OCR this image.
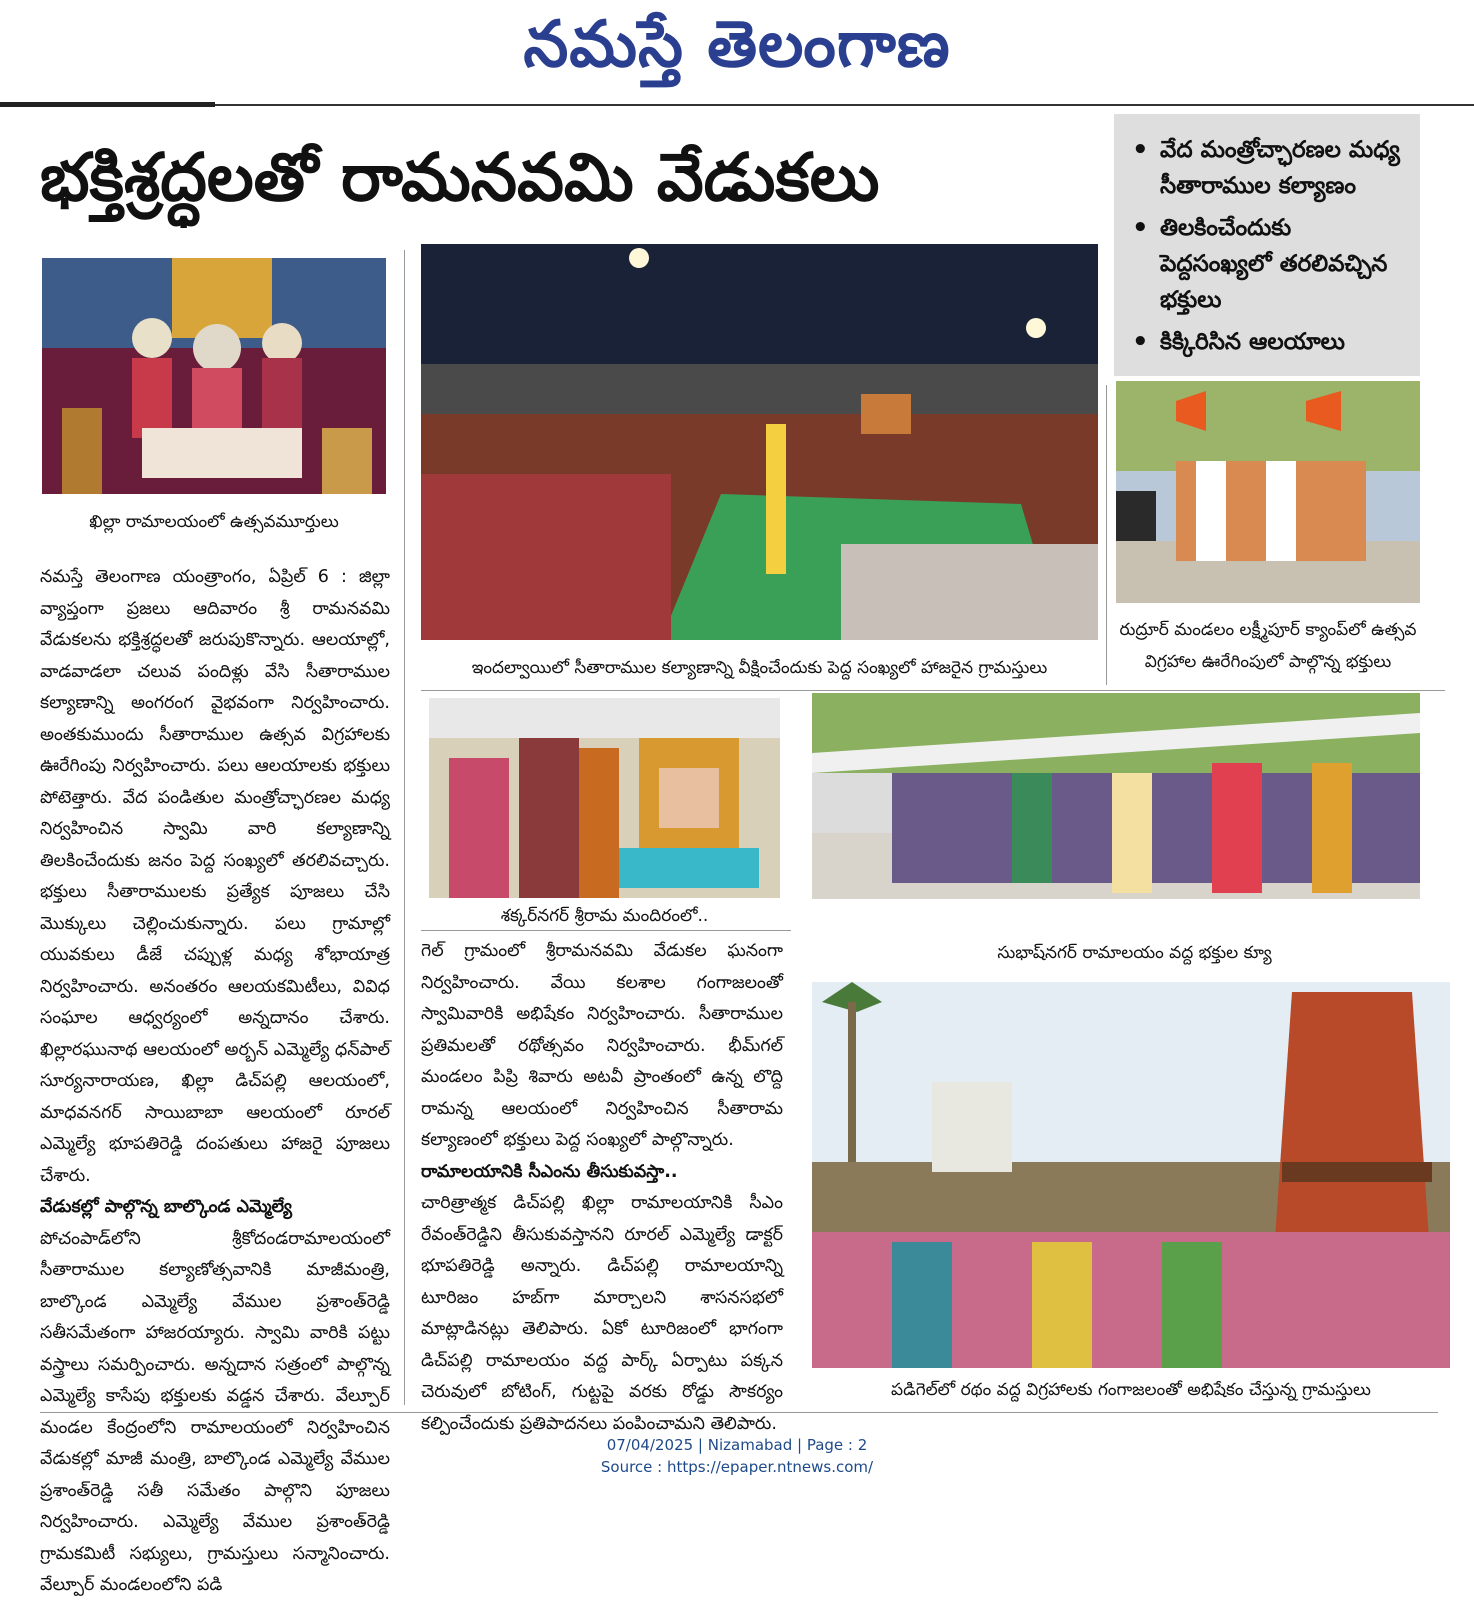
నమస్తే తెలంగాణ
భక్తిశ్రద్ధలతో రామనవమి వేడుకలు
•	వేద మంత్రోచ్ఛారణల మధ్య సీతారాముల కల్యాణం
• తిలకించేందుకు పెద్దసంఖ్యలో తరలివచ్చిన భక్తులు
• కిక్కిరిసిన ఆలయాలు
ఖిల్లా రామాలయంలో ఉత్సవమూర్తులు
ఇందల్వాయిలో సీతారాముల కల్యాణాన్ని వీక్షించేందుకు పెద్ద సంఖ్యలో హాజరైన గ్రామస్తులు
రుద్రూర్ మండలం లక్ష్మీపూర్ క్యాంప్‌లో ఉత్సవ
విగ్రహాల ఊరేగింపులో పాల్గొన్న భక్తులు
శక్కర్‌నగర్ శ్రీరామ మందిరంలో..
సుభాష్‌నగర్ రామాలయం వద్ద భక్తుల క్యూ
పడిగెల్‌లో రథం వద్ద విగ్రహాలకు గంగాజలంతో అభిషేకం చేస్తున్న గ్రామస్తులు

నమస్తే తెలంగాణ యంత్రాంగం, ఏప్రిల్ 6 : జిల్లా వ్యాప్తంగా ప్రజలు ఆదివారం శ్రీ రామనవమి వేడుకలను భక్తిశ్రద్ధలతో జరుపుకొన్నారు. ఆలయాల్లో, వాడవాడలా చలువ పందిళ్లు వేసి సీతారాముల కల్యాణాన్ని అంగరంగ వైభవంగా నిర్వహించారు. అంతకుముందు సీతారాముల ఉత్సవ విగ్రహాలకు ఊరేగింపు నిర్వహించారు. పలు ఆలయాలకు భక్తులు పోటెత్తారు. వేద పండితుల మంత్రోచ్ఛారణల మధ్య నిర్వహించిన స్వామి వారి కల్యాణాన్ని తిలకించేందుకు జనం పెద్ద సంఖ్యలో తరలివచ్చారు. భక్తులు సీతారాములకు ప్రత్యేక పూజలు చేసి మొక్కులు చెల్లించుకున్నారు. పలు గ్రామాల్లో యువకులు డీజే చప్పుళ్ల మధ్య శోభాయాత్ర నిర్వహించారు. అనంతరం ఆలయకమిటీలు, వివిధ సంఘాల ఆధ్వర్యంలో అన్నదానం చేశారు. ఖిల్లారఘునాథ ఆలయంలో అర్బన్ ఎమ్మెల్యే ధన్‌పాల్ సూర్యనారాయణ, ఖిల్లా డిచ్‌పల్లి ఆలయంలో, మాధవనగర్ సాయిబాబా ఆలయంలో రూరల్ ఎమ్మెల్యే భూపతిరెడ్డి దంపతులు హాజరై పూజలు చేశారు.

వేడుకల్లో పాల్గొన్న బాల్కొండ ఎమ్మెల్యే

పోచంపాడ్‌లోని శ్రీకోదండరామాలయంలో సీతారాముల కల్యాణోత్సవానికి మాజీమంత్రి, బాల్కొండ ఎమ్మెల్యే వేముల ప్రశాంత్‌రెడ్డి సతీసమేతంగా హాజరయ్యారు. స్వామి వారికి పట్టు వస్త్రాలు సమర్పించారు. అన్నదాన సత్రంలో పాల్గొన్న ఎమ్మెల్యే కాసేపు భక్తులకు వడ్డన చేశారు. వేల్పూర్ మండల కేంద్రంలోని రామాలయంలో నిర్వహించిన వేడుకల్లో మాజీ మంత్రి, బాల్కొండ ఎమ్మెల్యే వేముల ప్రశాంత్‌రెడ్డి సతీ సమేతం పాల్గొని పూజలు నిర్వహించారు. ఎమ్మెల్యే వేముల ప్రశాంత్‌రెడ్డి గ్రామకమిటీ సభ్యులు, గ్రామస్తులు సన్మానించారు. వేల్పూర్ మండలంలోని పడి

గెల్ గ్రామంలో శ్రీరామనవమి వేడుకల ఘనంగా నిర్వహించారు. వేయి కలశాల గంగాజలంతో స్వామివారికి అభిషేకం నిర్వహించారు. సీతారాముల ప్రతిమలతో రథోత్సవం నిర్వహించారు. భీమ్‌గల్ మండలం పిప్రి శివారు అటవీ ప్రాంతంలో ఉన్న లొద్ది రామన్న ఆలయంలో నిర్వహించిన సీతారామ కల్యాణంలో భక్తులు పెద్ద సంఖ్యలో పాల్గొన్నారు.

రామాలయానికి సీఎంను తీసుకువస్తా..

చారిత్రాత్మక డిచ్‌పల్లి ఖిల్లా రామాలయానికి సీఎం రేవంత్‌రెడ్డిని తీసుకువస్తానని రూరల్ ఎమ్మెల్యే డాక్టర్ భూపతిరెడ్డి అన్నారు. డిచ్‌పల్లి రామాలయాన్ని టూరిజం హబ్‌గా మార్చాలని శాసనసభలో మాట్లాడినట్లు తెలిపారు. ఏకో టూరిజంలో భాగంగా డిచ్‌పల్లి రామాలయం వద్ద పార్క్ ఏర్పాటు పక్కన చెరువులో బోటింగ్, గుట్టపై వరకు రోడ్డు సౌకర్యం కల్పించేందుకు ప్రతిపాదనలు పంపించామని తెలిపారు.

07/04/2025 | Nizamabad | Page : 2
Source : https://epaper.ntnews.com/
